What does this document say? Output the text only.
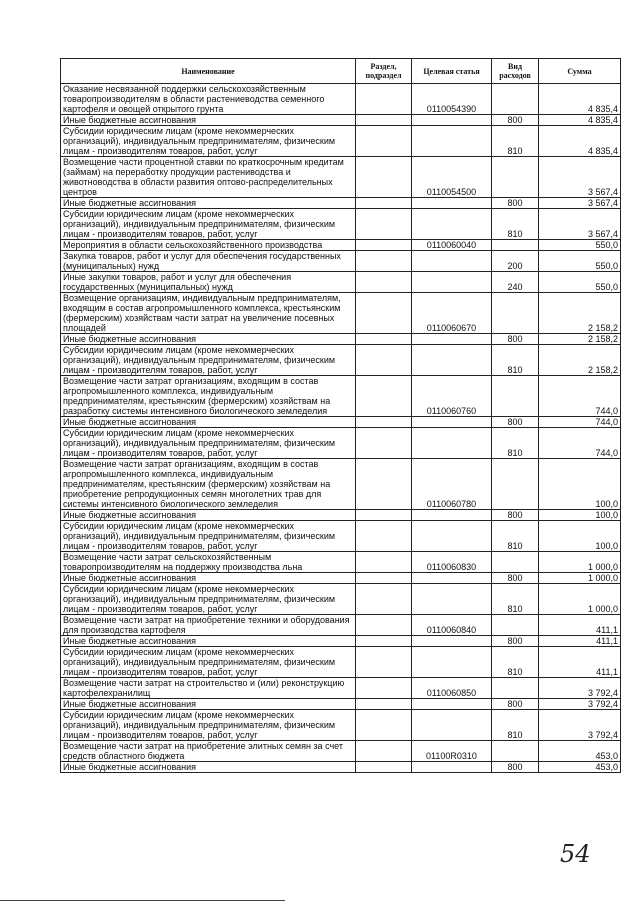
Наименование	Раздел, подраздел	Целевая статья	Вид расходов	Сумма
Оказание несвязанной поддержки сельскохозяйственным товаропроизводителям в области растениеводства семенного картофеля и овощей открытого грунта		0110054390		4 835,4
Иные бюджетные ассигнования			800	4 835,4
Субсидии юридическим лицам (кроме некоммерческих организаций), индивидуальным предпринимателям, физическим лицам - производителям товаров, работ, услуг			810	4 835,4
Возмещение части процентной ставки по краткосрочным кредитам (займам) на переработку продукции растениводства и животноводства в области развития оптово-распределительных центров		0110054500		3 567,4
Иные бюджетные ассигнования			800	3 567,4
Субсидии юридическим лицам (кроме некоммерческих организаций), индивидуальным предпринимателям, физическим лицам - производителям товаров, работ, услуг			810	3 567,4
Мероприятия в области сельскохозяйственного производства		0110060040		550,0
Закупка товаров, работ и услуг для обеспечения государственных (муниципальных) нужд			200	550,0
Иные закупки товаров, работ и услуг для обеспечения государственных (муниципальных) нужд			240	550,0
Возмещение организациям, индивидуальным предпринимателям, входящим в состав агропромышленного комплекса, крестьянским (фермерским) хозяйствам части затрат на увеличение посевных площадей		0110060670		2 158,2
Иные бюджетные ассигнования			800	2 158,2
Субсидии юридическим лицам (кроме некоммерческих организаций), индивидуальным предпринимателям, физическим лицам - производителям товаров, работ, услуг			810	2 158,2
Возмещение части затрат организациям, входящим в состав агропромышленного комплекса, индивидуальным предпринимателям, крестьянским (фермерским) хозяйствам на разработку системы интенсивного биологического земледелия		0110060760		744,0
Иные бюджетные ассигнования			800	744,0
Субсидии юридическим лицам (кроме некоммерческих организаций), индивидуальным предпринимателям, физическим лицам - производителям товаров, работ, услуг			810	744,0
Возмещение части затрат организациям, входящим в состав агропромышленного комплекса, индивидуальным предпринимателям, крестьянским (фермерским) хозяйствам на приобретение репродукционных семян многолетних трав для системы интенсивного биологического земледелия		0110060780		100,0
Иные бюджетные ассигнования			800	100,0
Субсидии юридическим лицам (кроме некоммерческих организаций), индивидуальным предпринимателям, физическим лицам - производителям товаров, работ, услуг			810	100,0
Возмещение части затрат сельскохозяйственным товаропроизводителям на поддержку производства льна		0110060830		1 000,0
Иные бюджетные ассигнования			800	1 000,0
Субсидии юридическим лицам (кроме некоммерческих организаций), индивидуальным предпринимателям, физическим лицам - производителям товаров, работ, услуг			810	1 000,0
Возмещение части затрат на приобретение техники и оборудования для производства картофеля		0110060840		411,1
Иные бюджетные ассигнования			800	411,1
Субсидии юридическим лицам (кроме некоммерческих организаций), индивидуальным предпринимателям, физическим лицам - производителям товаров, работ, услуг			810	411,1
Возмещение части затрат на строительство и (или) реконструкцию картофелехранилищ		0110060850		3 792,4
Иные бюджетные ассигнования			800	3 792,4
Субсидии юридическим лицам (кроме некоммерческих организаций), индивидуальным предпринимателям, физическим лицам - производителям товаров, работ, услуг			810	3 792,4
Возмещение части затрат на приобретение элитных семян за счет средств областного бюджета		01100R0310		453,0
Иные бюджетные ассигнования			800	453,0
54
